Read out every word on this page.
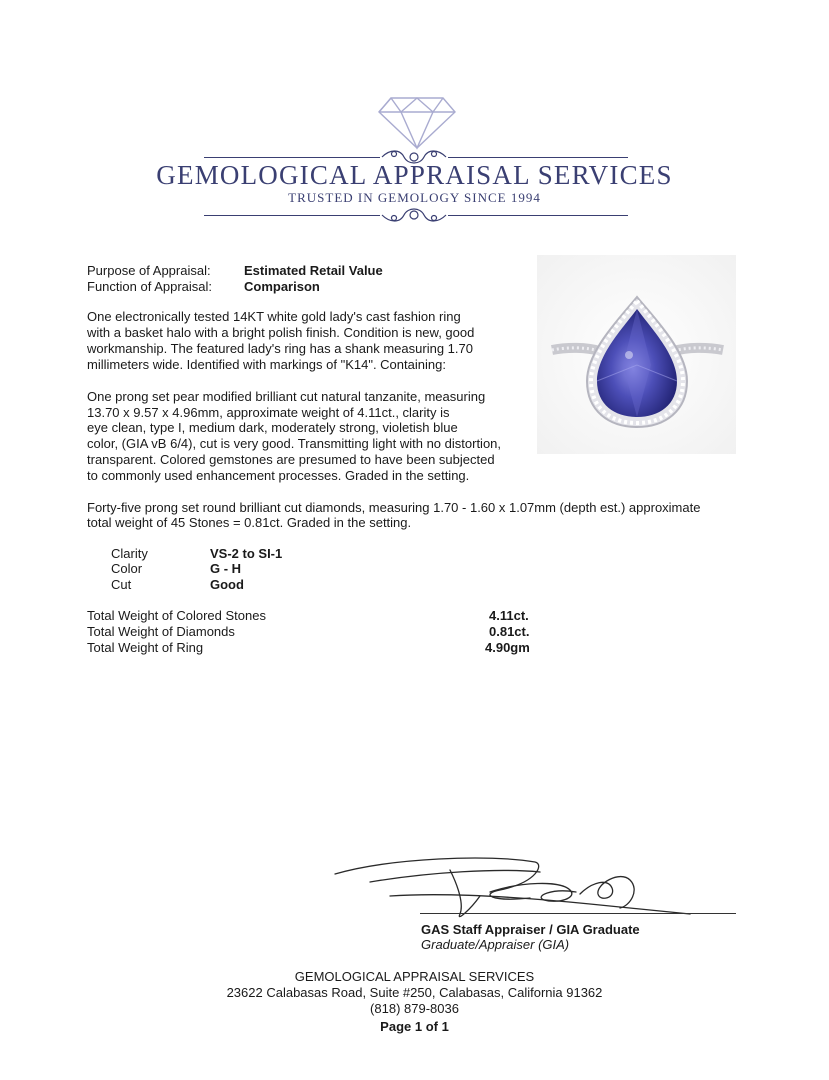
GEMOLOGICAL APPRAISAL SERVICES
TRUSTED IN GEMOLOGY SINCE 1994
Purpose of Appraisal:	Estimated Retail Value
Function of Appraisal: Comparison
One electronically tested 14KT white gold lady's cast fashion ring
with a basket halo with a bright polish finish. Condition is new, good
workmanship. The featured lady's ring has a shank measuring 1.70
millimeters wide. Identified with markings of "K14". Containing:
One prong set pear modified brilliant cut natural tanzanite, measuring
13.70 x 9.57 x 4.96mm, approximate weight of 4.11ct., clarity is
eye clean, type I, medium dark, moderately strong, violetish blue
color, (GIA vB 6/4), cut is very good. Transmitting light with no distortion,
transparent. Colored gemstones are presumed to have been subjected
to commonly used enhancement processes. Graded in the setting.
Forty-five prong set round brilliant cut diamonds, measuring 1.70 - 1.60 x 1.07mm (depth est.) approximate
total weight of 45 Stones = 0.81ct. Graded in the setting.
Clarity	VS-2 to SI-1
Color	G - H
Cut	Good
Total Weight of Colored Stones	4.11ct.
Total Weight of Diamonds	0.81ct.
Total Weight of Ring	4.90gm
GAS Staff Appraiser / GIA Graduate
Graduate/Appraiser (GIA)
GEMOLOGICAL APPRAISAL SERVICES
23622 Calabasas Road, Suite #250, Calabasas, California 91362
(818) 879-8036
Page 1 of 1
